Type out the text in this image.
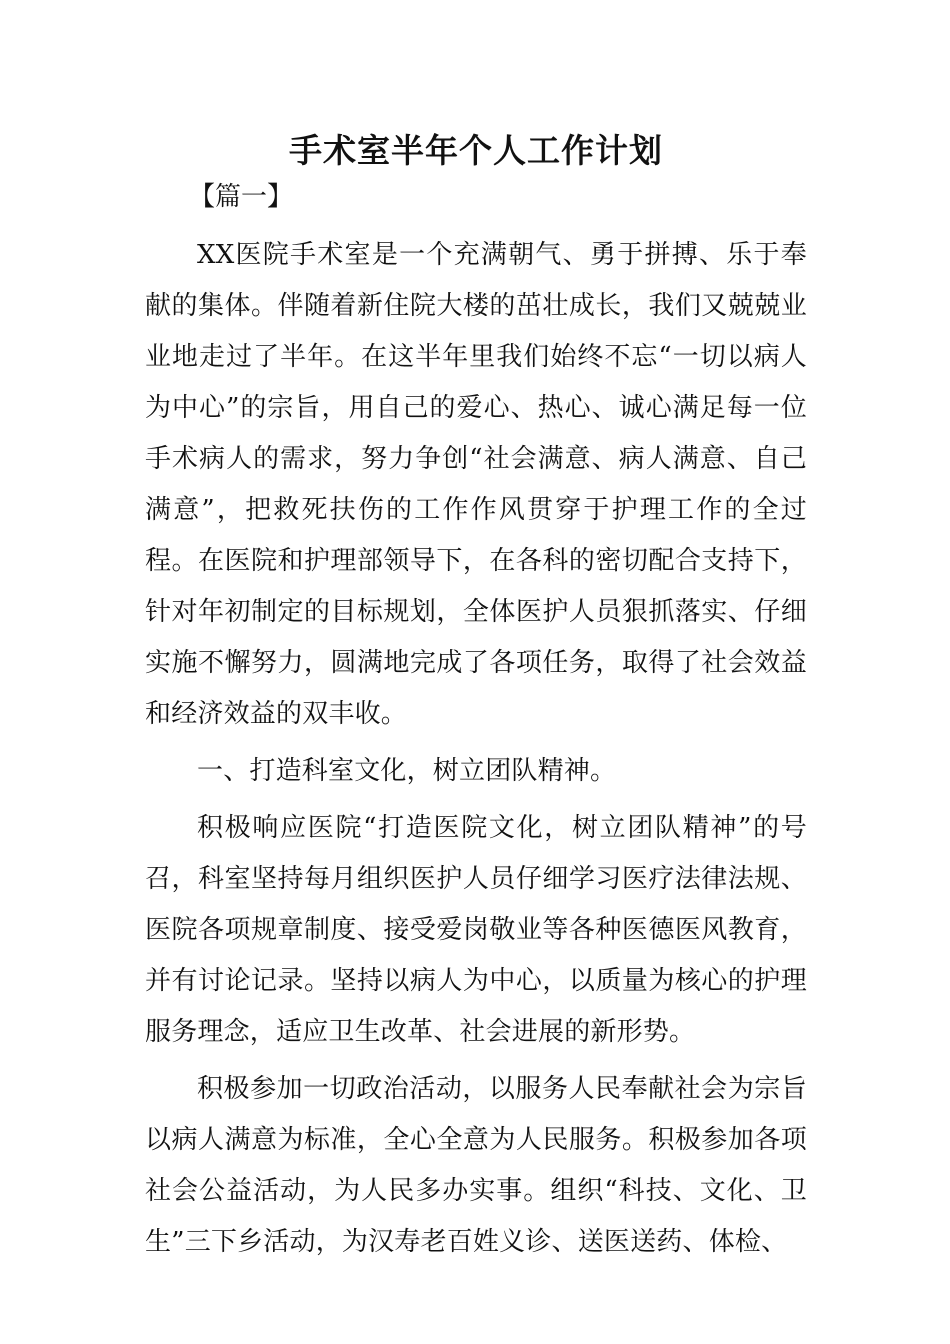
手术室半年个人工作计划

【篇一】

XX医院手术室是一个充满朝气、勇于拼搏、乐于奉献的集体。伴随着新住院大楼的茁壮成长，我们又兢兢业业地走过了半年。在这半年里我们始终不忘“一切以病人为中心”的宗旨，用自己的爱心、热心、诚心满足每一位手术病人的需求，努力争创“社会满意、病人满意、自己满意”，把救死扶伤的工作作风贯穿于护理工作的全过程。在医院和护理部领导下，在各科的密切配合支持下，针对年初制定的目标规划，全体医护人员狠抓落实、仔细实施不懈努力，圆满地完成了各项任务，取得了社会效益和经济效益的双丰收。

一、打造科室文化，树立团队精神。

积极响应医院“打造医院文化，树立团队精神”的号召，科室坚持每月组织医护人员仔细学习医疗法律法规、医院各项规章制度、接受爱岗敬业等各种医德医风教育，并有讨论记录。坚持以病人为中心，以质量为核心的护理服务理念，适应卫生改革、社会进展的新形势。

积极参加一切政治活动，以服务人民奉献社会为宗旨以病人满意为标准，全心全意为人民服务。积极参加各项社会公益活动，为人民多办实事。组织“科技、文化、卫生”三下乡活动，为汉寿老百姓义诊、送医送药、体检、
